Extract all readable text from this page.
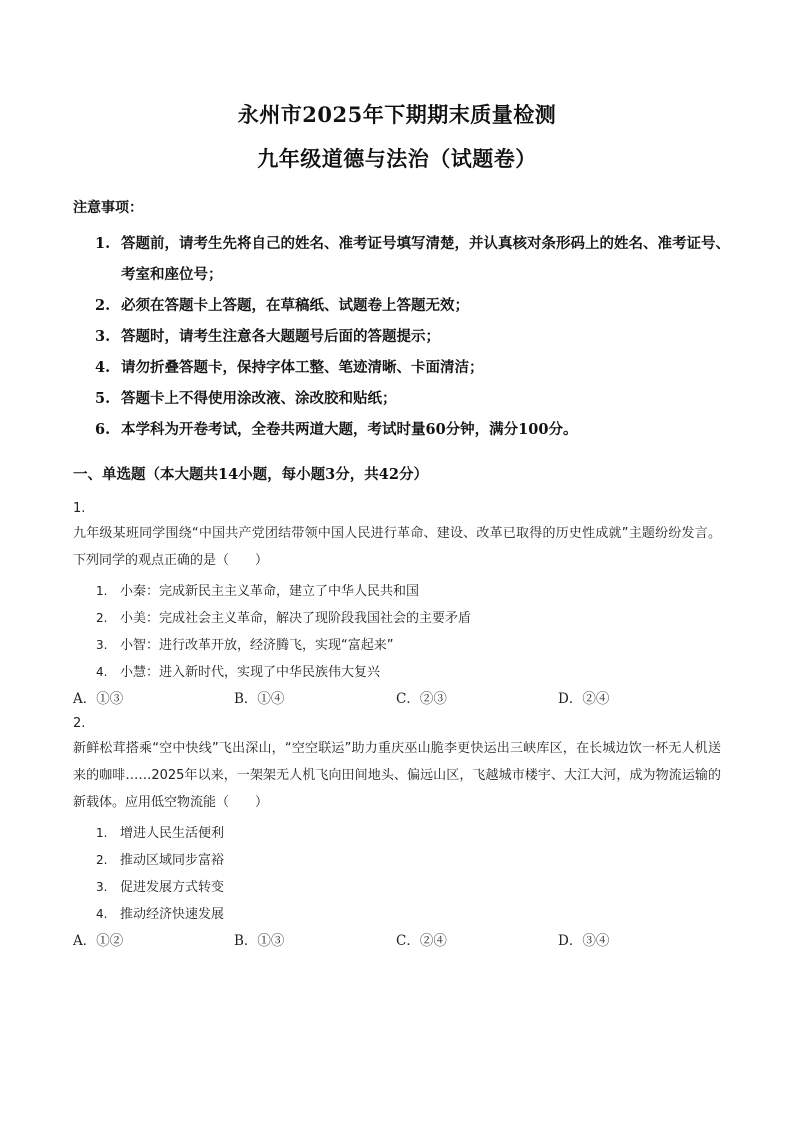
永州市2025年下期期末质量检测
九年级道德与法治（试题卷）
注意事项：
1. 答题前，请考生先将自己的姓名、准考证号填写清楚，并认真核对条形码上的姓名、准考证号、考室和座位号；
2. 必须在答题卡上答题，在草稿纸、试题卷上答题无效；
3. 答题时，请考生注意各大题题号后面的答题提示；
4. 请勿折叠答题卡，保持字体工整、笔迹清晰、卡面清洁；
5. 答题卡上不得使用涂改液、涂改胶和贴纸；
6. 本学科为开卷考试，全卷共两道大题，考试时量60分钟，满分100分。
一、单选题（本大题共14小题，每小题3分，共42分）
1.
九年级某班同学围绕“中国共产党团结带领中国人民进行革命、建设、改革已取得的历史性成就”主题纷纷发言。下列同学的观点正确的是（　　）
1. 小秦：完成新民主主义革命，建立了中华人民共和国
2. 小美：完成社会主义革命，解决了现阶段我国社会的主要矛盾
3. 小智：进行改革开放，经济腾飞，实现“富起来”
4. 小慧：进入新时代，实现了中华民族伟大复兴
A．①③	B．①④	C．②③	D．②④
2.
新鲜松茸搭乘“空中快线”飞出深山，“空空联运”助力重庆巫山脆李更快运出三峡库区，在长城边饮一杯无人机送来的咖啡……2025年以来，一架架无人机飞向田间地头、偏远山区，飞越城市楼宇、大江大河，成为物流运输的新载体。应用低空物流能（　　）
1. 增进人民生活便利
2. 推动区域同步富裕
3. 促进发展方式转变
4. 推动经济快速发展
A．①②	B．①③	C．②④	D．③④
